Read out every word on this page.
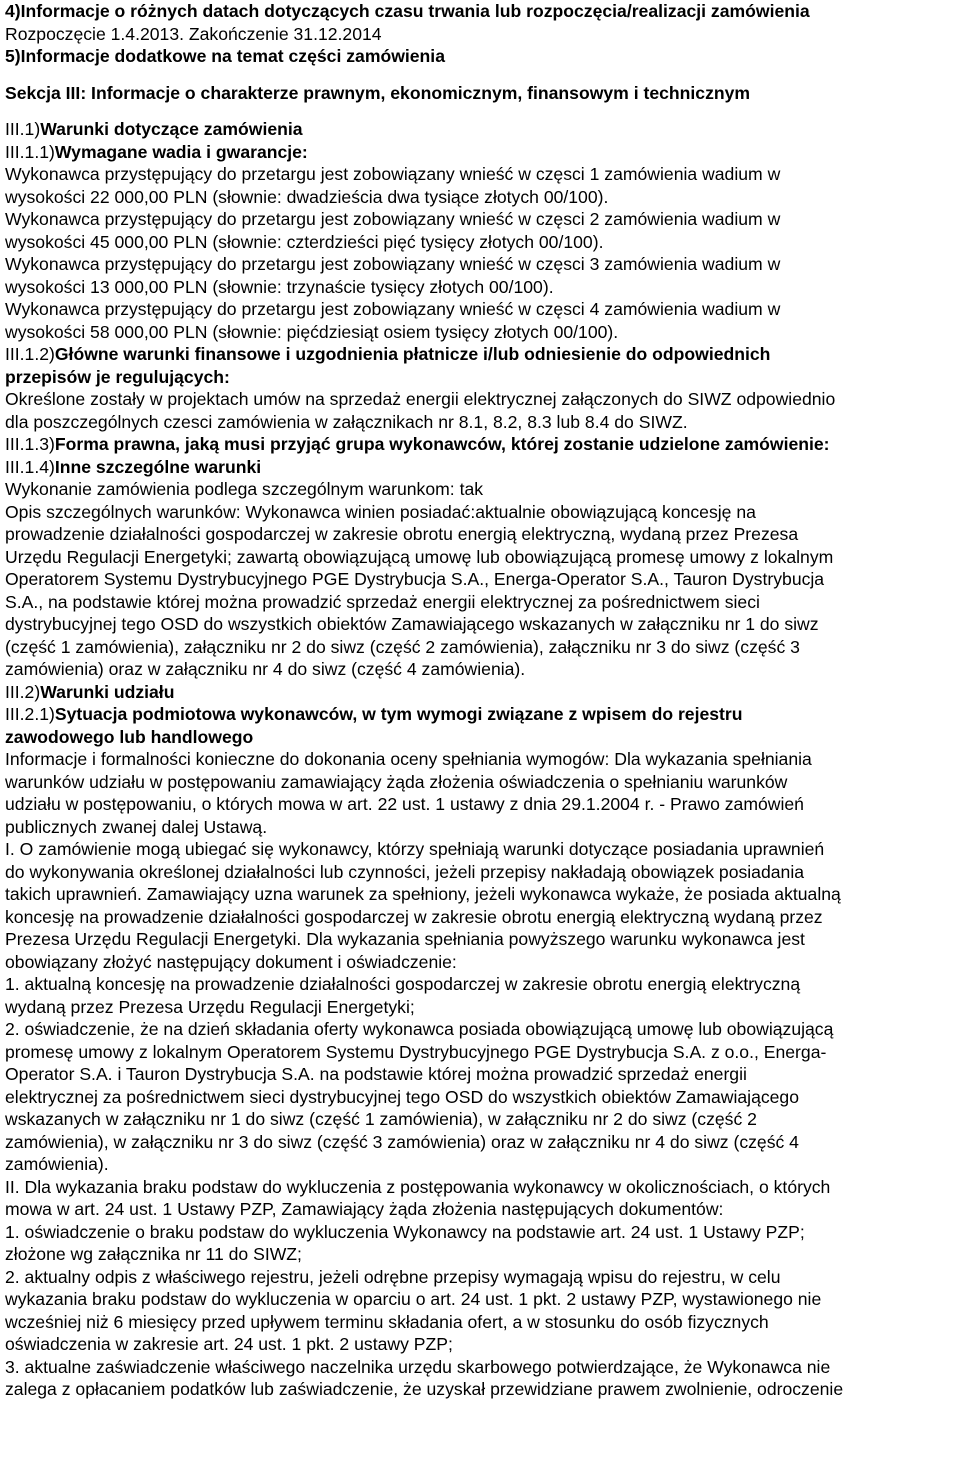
4)Informacje o różnych datach dotyczących czasu trwania lub rozpoczęcia/realizacji zamówienia
Rozpoczęcie 1.4.2013. Zakończenie 31.12.2014
5)Informacje dodatkowe na temat części zamówienia
Sekcja III: Informacje o charakterze prawnym, ekonomicznym, finansowym i technicznym
III.1)Warunki dotyczące zamówienia
III.1.1)Wymagane wadia i gwarancje:
Wykonawca przystępujący do przetargu jest zobowiązany wnieść w częsci 1 zamówienia wadium w
wysokości 22 000,00 PLN (słownie: dwadzieścia dwa tysiące złotych 00/100).
Wykonawca przystępujący do przetargu jest zobowiązany wnieść w częsci 2 zamówienia wadium w
wysokości 45 000,00 PLN (słownie: czterdzieści pięć tysięcy złotych 00/100).
Wykonawca przystępujący do przetargu jest zobowiązany wnieść w częsci 3 zamówienia wadium w
wysokości 13 000,00 PLN (słownie: trzynaście tysięcy złotych 00/100).
Wykonawca przystępujący do przetargu jest zobowiązany wnieść w częsci 4 zamówienia wadium w
wysokości 58 000,00 PLN (słownie: pięćdziesiąt osiem tysięcy złotych 00/100).
III.1.2)Główne warunki finansowe i uzgodnienia płatnicze i/lub odniesienie do odpowiednich
przepisów je regulujących:
Określone zostały w projektach umów na sprzedaż energii elektrycznej załączonych do SIWZ odpowiednio
dla poszczególnych czesci zamówienia w załącznikach nr 8.1, 8.2, 8.3 lub 8.4 do SIWZ.
III.1.3)Forma prawna, jaką musi przyjąć grupa wykonawców, której zostanie udzielone zamówienie:
III.1.4)Inne szczególne warunki
Wykonanie zamówienia podlega szczególnym warunkom: tak
Opis szczególnych warunków: Wykonawca winien posiadać:aktualnie obowiązującą koncesję na
prowadzenie działalności gospodarczej w zakresie obrotu energią elektryczną, wydaną przez Prezesa
Urzędu Regulacji Energetyki; zawartą obowiązującą umowę lub obowiązującą promesę umowy z lokalnym
Operatorem Systemu Dystrybucyjnego PGE Dystrybucja S.A., Energa-Operator S.A., Tauron Dystrybucja
S.A., na podstawie której można prowadzić sprzedaż energii elektrycznej za pośrednictwem sieci
dystrybucyjnej tego OSD do wszystkich obiektów Zamawiającego wskazanych w załączniku nr 1 do siwz
(część 1 zamówienia), załączniku nr 2 do siwz (część 2 zamówienia), załączniku nr 3 do siwz (część 3
zamówienia) oraz w załączniku nr 4 do siwz (część 4 zamówienia).
III.2)Warunki udziału
III.2.1)Sytuacja podmiotowa wykonawców, w tym wymogi związane z wpisem do rejestru
zawodowego lub handlowego
Informacje i formalności konieczne do dokonania oceny spełniania wymogów: Dla wykazania spełniania
warunków udziału w postępowaniu zamawiający żąda złożenia oświadczenia o spełnianiu warunków
udziału w postępowaniu, o których mowa w art. 22 ust. 1 ustawy z dnia 29.1.2004 r. - Prawo zamówień
publicznych zwanej dalej Ustawą.
I. O zamówienie mogą ubiegać się wykonawcy, którzy spełniają warunki dotyczące posiadania uprawnień
do wykonywania określonej działalności lub czynności, jeżeli przepisy nakładają obowiązek posiadania
takich uprawnień. Zamawiający uzna warunek za spełniony, jeżeli wykonawca wykaże, że posiada aktualną
koncesję na prowadzenie działalności gospodarczej w zakresie obrotu energią elektryczną wydaną przez
Prezesa Urzędu Regulacji Energetyki. Dla wykazania spełniania powyższego warunku wykonawca jest
obowiązany złożyć następujący dokument i oświadczenie:
1. aktualną koncesję na prowadzenie działalności gospodarczej w zakresie obrotu energią elektryczną
wydaną przez Prezesa Urzędu Regulacji Energetyki;
2. oświadczenie, że na dzień składania oferty wykonawca posiada obowiązującą umowę lub obowiązującą
promesę umowy z lokalnym Operatorem Systemu Dystrybucyjnego PGE Dystrybucja S.A. z o.o., Energa-
Operator S.A. i Tauron Dystrybucja S.A. na podstawie której można prowadzić sprzedaż energii
elektrycznej za pośrednictwem sieci dystrybucyjnej tego OSD do wszystkich obiektów Zamawiającego
wskazanych w załączniku nr 1 do siwz (część 1 zamówienia), w załączniku nr 2 do siwz (część 2
zamówienia), w załączniku nr 3 do siwz (część 3 zamówienia) oraz w załączniku nr 4 do siwz (część 4
zamówienia).
II. Dla wykazania braku podstaw do wykluczenia z postępowania wykonawcy w okolicznościach, o których
mowa w art. 24 ust. 1 Ustawy PZP, Zamawiający żąda złożenia następujących dokumentów:
1. oświadczenie o braku podstaw do wykluczenia Wykonawcy na podstawie art. 24 ust. 1 Ustawy PZP;
złożone wg załącznika nr 11 do SIWZ;
2. aktualny odpis z właściwego rejestru, jeżeli odrębne przepisy wymagają wpisu do rejestru, w celu
wykazania braku podstaw do wykluczenia w oparciu o art. 24 ust. 1 pkt. 2 ustawy PZP, wystawionego nie
wcześniej niż 6 miesięcy przed upływem terminu składania ofert, a w stosunku do osób fizycznych
oświadczenia w zakresie art. 24 ust. 1 pkt. 2 ustawy PZP;
3. aktualne zaświadczenie właściwego naczelnika urzędu skarbowego potwierdzające, że Wykonawca nie
zalega z opłacaniem podatków lub zaświadczenie, że uzyskał przewidziane prawem zwolnienie, odroczenie
